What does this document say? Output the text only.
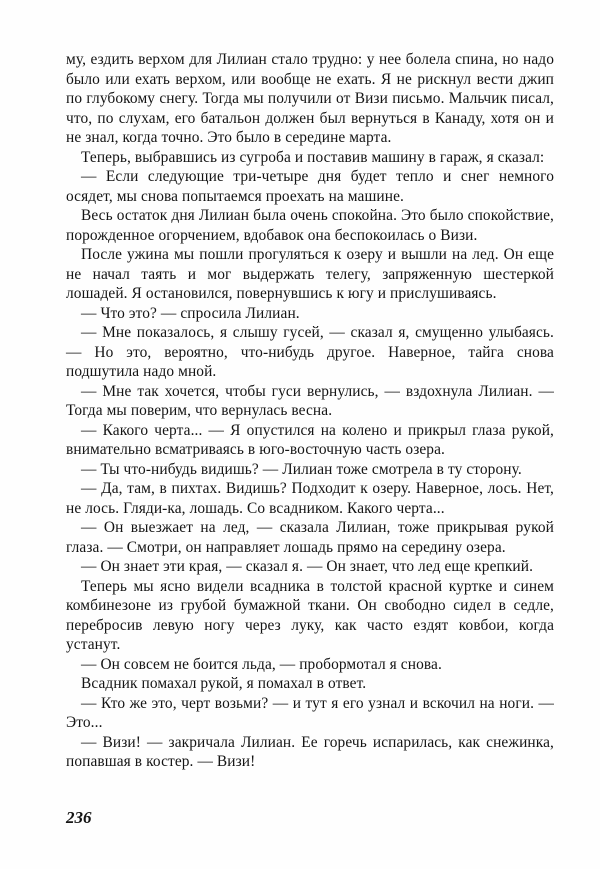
му, ездить верхом для Лилиан стало трудно: у нее болела спина, но надо было или ехать верхом, или вообще не ехать. Я не рискнул вести джип по глубокому снегу. Тогда мы получили от Визи письмо. Мальчик писал, что, по слухам, его батальон должен был вернуться в Канаду, хотя он и не знал, когда точно. Это было в середине марта.

Теперь, выбравшись из сугроба и поставив машину в гараж, я сказал:

— Если следующие три-четыре дня будет тепло и снег немного осядет, мы снова попытаемся проехать на машине.

Весь остаток дня Лилиан была очень спокойна. Это было спокойствие, порожденное огорчением, вдобавок она беспокоилась о Визи.

После ужина мы пошли прогуляться к озеру и вышли на лед. Он еще не начал таять и мог выдержать телегу, запряженную шестеркой лошадей. Я остановился, повернувшись к югу и прислушиваясь.

— Что это? — спросила Лилиан.

— Мне показалось, я слышу гусей, — сказал я, смущенно улыбаясь. — Но это, вероятно, что-нибудь другое. Наверное, тайга снова подшутила надо мной.

— Мне так хочется, чтобы гуси вернулись, — вздохнула Лилиан. — Тогда мы поверим, что вернулась весна.

— Какого черта... — Я опустился на колено и прикрыл глаза рукой, внимательно всматриваясь в юго-восточную часть озера.

— Ты что-нибудь видишь? — Лилиан тоже смотрела в ту сторону.

— Да, там, в пихтах. Видишь? Подходит к озеру. Наверное, лось. Нет, не лось. Гляди-ка, лошадь. Со всадником. Какого черта...

— Он выезжает на лед, — сказала Лилиан, тоже прикрывая рукой глаза. — Смотри, он направляет лошадь прямо на середину озера.

— Он знает эти края, — сказал я. — Он знает, что лед еще крепкий.

Теперь мы ясно видели всадника в толстой красной куртке и синем комбинезоне из грубой бумажной ткани. Он свободно сидел в седле, перебросив левую ногу через луку, как часто ездят ковбои, когда устанут.

— Он совсем не боится льда, — пробормотал я снова.

Всадник помахал рукой, я помахал в ответ.

— Кто же это, черт возьми? — и тут я его узнал и вскочил на ноги. — Это...

— Визи! — закричала Лилиан. Ее горечь испарилась, как снежинка, попавшая в костер. — Визи!

236
